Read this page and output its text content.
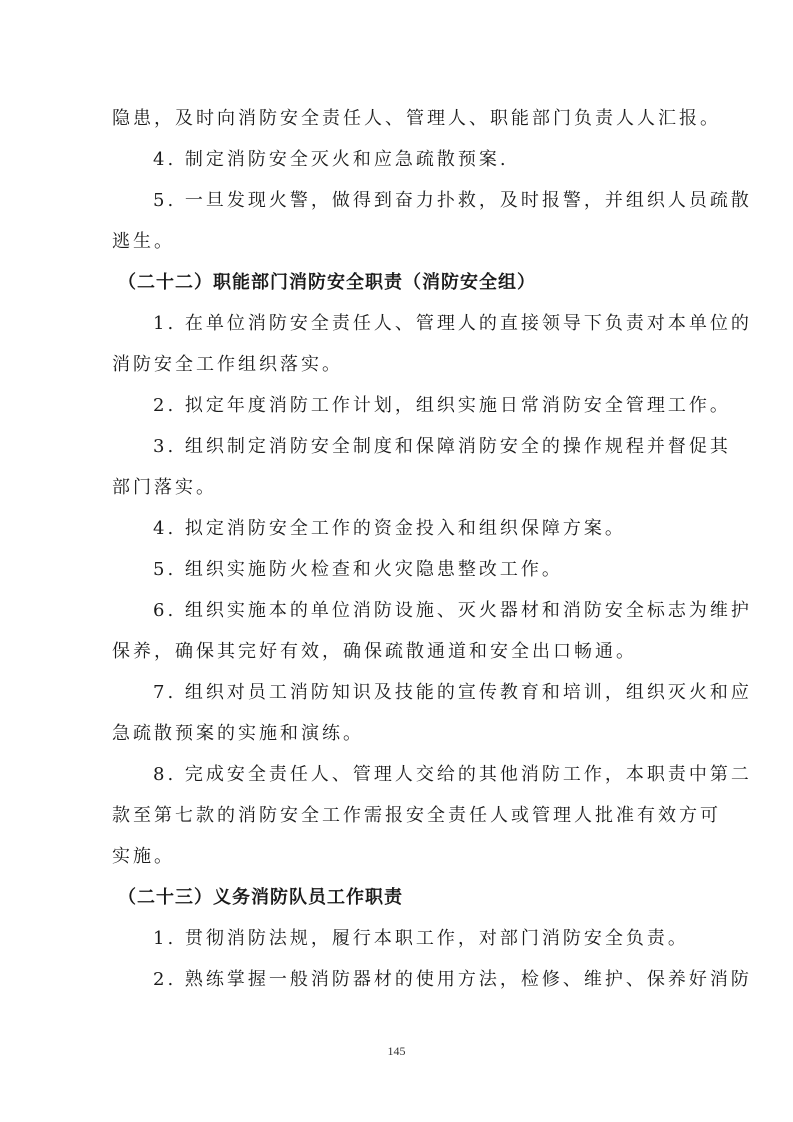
隐患，及时向消防安全责任人、管理人、职能部门负责人人汇报。
4. 制定消防安全灭火和应急疏散预案.
5. 一旦发现火警，做得到奋力扑救，及时报警，并组织人员疏散
逃生。
（二十二）职能部门消防安全职责（消防安全组）
1. 在单位消防安全责任人、管理人的直接领导下负责对本单位的
消防安全工作组织落实。
2. 拟定年度消防工作计划，组织实施日常消防安全管理工作。
3. 组织制定消防安全制度和保障消防安全的操作规程并督促其
部门落实。
4. 拟定消防安全工作的资金投入和组织保障方案。
5. 组织实施防火检查和火灾隐患整改工作。
6. 组织实施本的单位消防设施、灭火器材和消防安全标志为维护
保养，确保其完好有效，确保疏散通道和安全出口畅通。
7. 组织对员工消防知识及技能的宣传教育和培训，组织灭火和应
急疏散预案的实施和演练。
8. 完成安全责任人、管理人交给的其他消防工作，本职责中第二
款至第七款的消防安全工作需报安全责任人或管理人批准有效方可
实施。
（二十三）义务消防队员工作职责
1. 贯彻消防法规，履行本职工作，对部门消防安全负责。
2. 熟练掌握一般消防器材的使用方法，检修、维护、保养好消防
145
